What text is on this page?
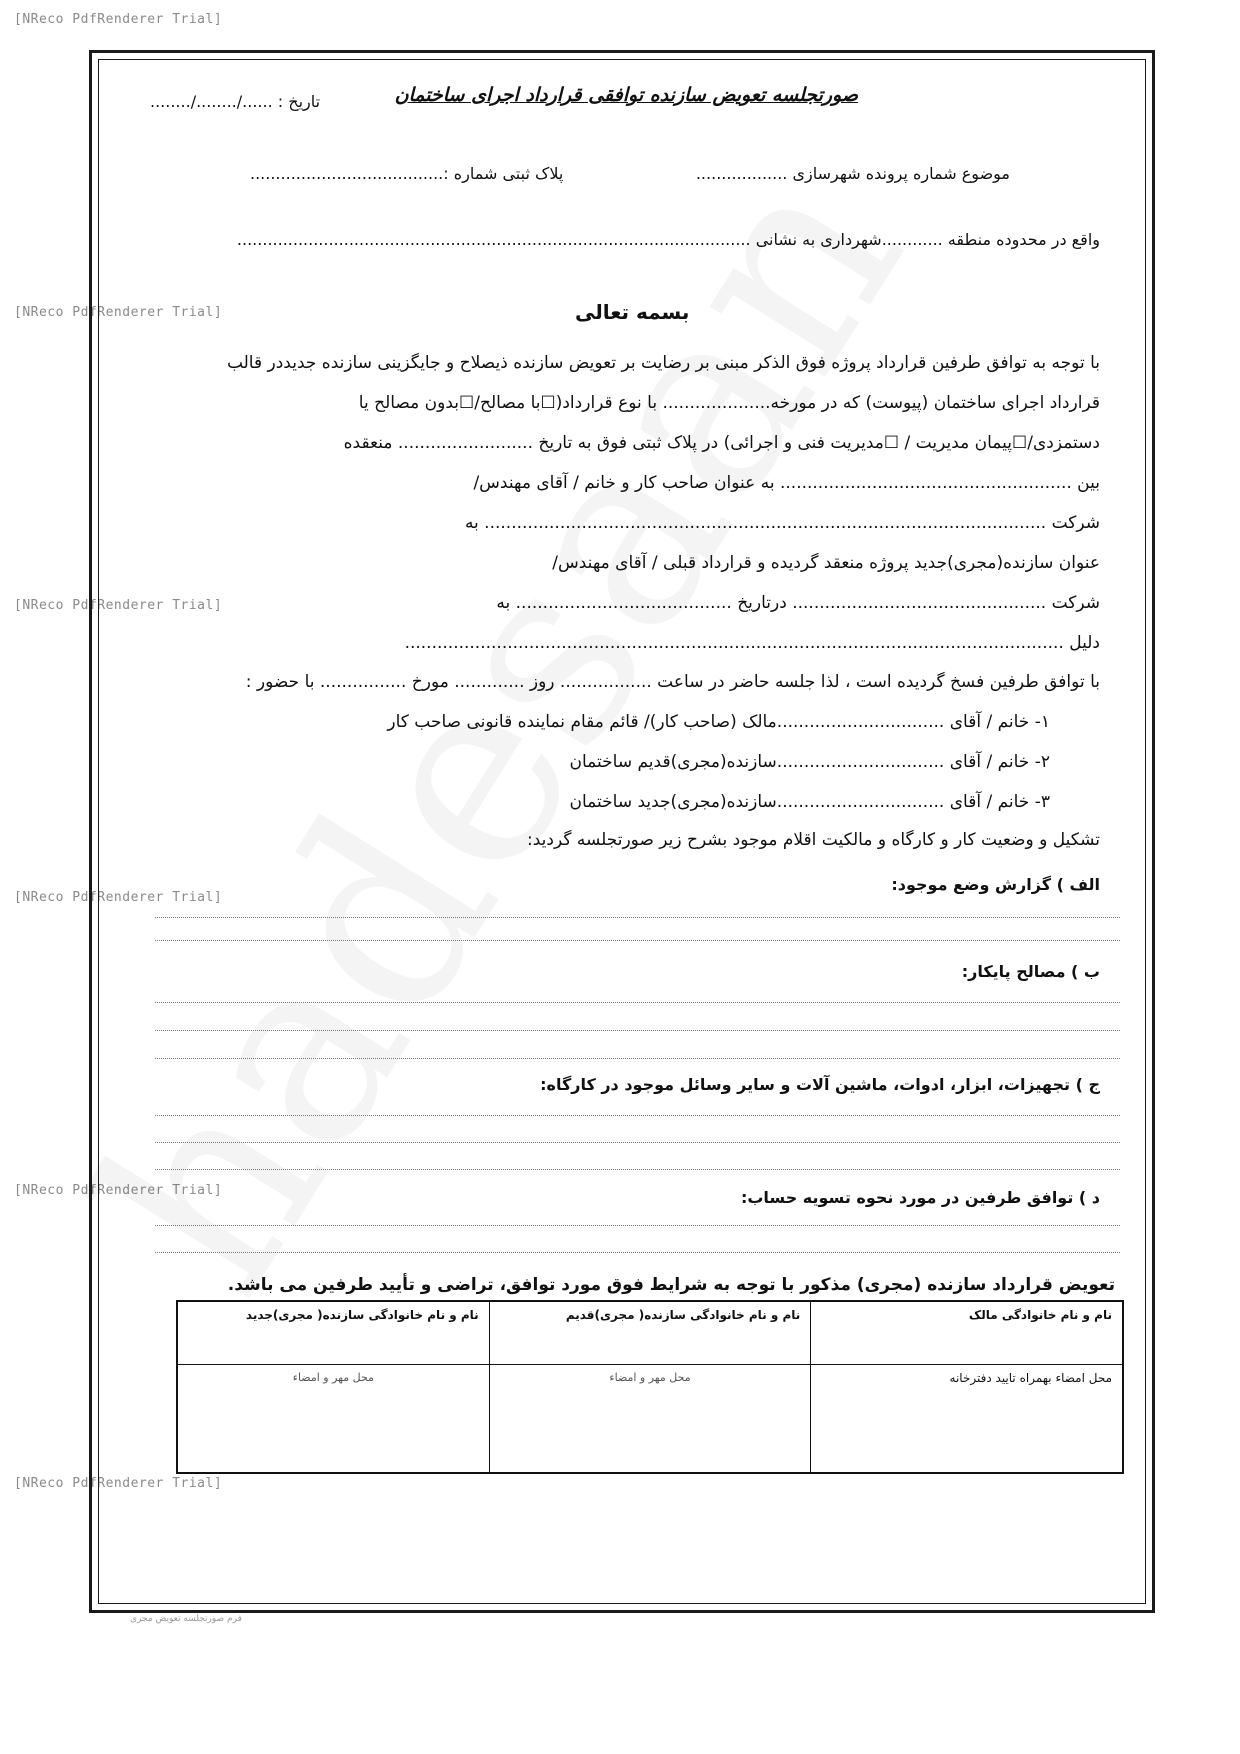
[NReco PdfRenderer Trial]
[NReco PdfRenderer Trial]
[NReco PdfRenderer Trial]
[NReco PdfRenderer Trial]
[NReco PdfRenderer Trial]
[NReco PdfRenderer Trial]
صورتجلسه تعویض سازنده توافقی قرارداد اجرای ساختمان
تاریخ : ....../......../........
موضوع شماره پرونده شهرسازی ..................
پلاک ثبتی شماره :......................................
واقع در محدوده منطقه ............شهرداری به نشانی .....................................................................................................
بسمه تعالی
با توجه به توافق طرفین قرارداد پروژه فوق الذکر مبنی بر رضایت بر تعویض سازنده ذیصلاح و جایگزینی سازنده جدیددر قالب
قرارداد اجرای ساختمان (پیوست) که در مورخه.................... با نوع قرارداد(☐با مصالح/☐بدون مصالح یا
دستمزدی/☐پیمان مدیریت / ☐مدیریت فنی و اجرائی) در پلاک ثبتی فوق به تاریخ ......................... منعقده
بین ...................................................... به عنوان صاحب کار و خانم / آقای مهندس/
شرکت ........................................................................................................ به
عنوان سازنده(مجری)جدید پروژه منعقد گردیده و قرارداد قبلی / آقای مهندس/
شرکت ............................................... درتاریخ ........................................ به
دلیل ..........................................................................................................................
با توافق طرفین فسخ گردیده است ، لذا جلسه حاضر در ساعت ................. روز ............. مورخ ................ با حضور :
۱- خانم / آقای ...............................مالک (صاحب کار)/ قائم مقام نماینده قانونی صاحب کار
۲- خانم / آقای ...............................سازنده(مجری)قدیم ساختمان
۳- خانم / آقای ...............................سازنده(مجری)جدید ساختمان
تشکیل و وضعیت کار و کارگاه و مالکیت اقلام موجود بشرح زیر صورتجلسه گردید:
الف ) گزارش وضع موجود:
ب ) مصالح پایکار:
ج ) تجهیزات، ابزار، ادوات، ماشین آلات و سایر وسائل موجود در کارگاه:
د ) توافق طرفین در مورد نحوه تسویه حساب:
تعویض قرارداد سازنده (مجری) مذکور با توجه به شرایط فوق مورد توافق، تراضی و تأیید طرفین می باشد.
نام و نام خانوادگی مالک	نام و نام خانوادگی سازنده( مجری)قدیم	نام و نام خانوادگی سازنده( مجری)جدید
محل امضاء بهمراه تایید دفترخانه	محل مهر و امضاء	محل مهر و امضاء
فرم صورتجلسه تعویض مجری
